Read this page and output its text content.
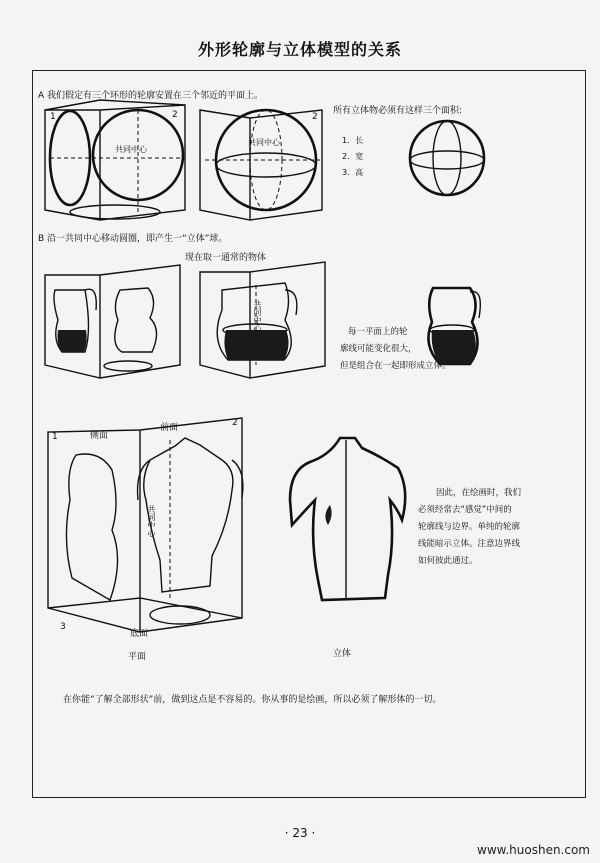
外形轮廓与立体模型的关系
A 我们假定有三个环形的轮廓安置在三个邻近的平面上。
共同中心
共同中心
1	2	2
所有立体物必须有这样三个面积:
1．长
2．宽
3．高
B 沿一共同中心移动圆圈，即产生一“立体”球。
现在取一通常的物体
共同中心	每一平面上的轮
廓线可能变化很大，
但是组合在一起即形成立体。
侧面
前面
底面
共同中心
1
2
3
平面	立体
因此，在绘画时，我们
必须经常去“感觉”中间的
轮廓线与边界。单纯的轮廓
线能暗示立体。注意边界线
如何彼此通过。
在你能“了解全部形状”前，做到这点是不容易的。你从事的是绘画，所以必须了解形体的一切。
· 23 ·
www.huoshen.com
